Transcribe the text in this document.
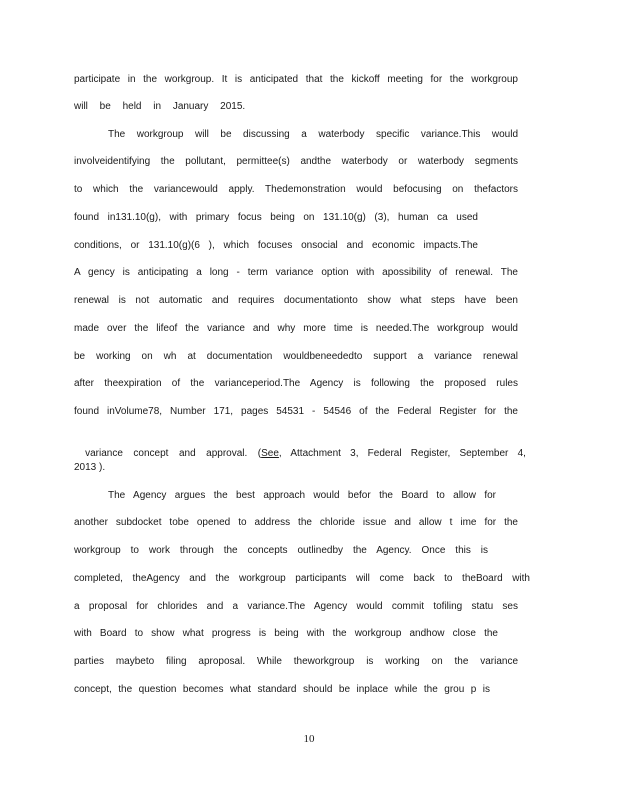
participate in the workgroup. It is anticipated that the kickoff meeting for the workgroup
will be held in January 2015.
The workgroup will be discussing a waterbody specific variance.This would
involveidentifying the pollutant, permittee(s) andthe waterbody or waterbody segments
to which the variancewould apply. Thedemonstration would befocusing on thefactors
found in131.10(g), with primary focus being on 131.10(g) (3), human ca used
conditions, or 131.10(g)(6 ), which focuses onsocial and economic impacts.The
A gency is anticipating a long - term variance option with apossibility of renewal. The
renewal is not automatic and requires documentationto show what steps have been
made over the lifeof the variance and why more time is needed.The workgroup would
be working on wh at documentation wouldbeneededto support a variance renewal
after theexpiration of the varianceperiod.The Agency is following the proposed rules
found inVolume78, Number 171, pages 54531 - 54546 of the Federal Register for the

variance concept and approval. (See, Attachment 3, Federal Register, September 4,

2013 ).
The Agency argues the best approach would befor the Board to allow for
another subdocket tobe opened to address the chloride issue and allow t ime for the
workgroup to work through the concepts outlinedby the Agency. Once this is
completed, theAgency and the workgroup participants will come back to theBoard with
a proposal for chlorides and a variance.The Agency would commit tofiling statu ses
with Board to show what progress is being with the workgroup andhow close the
parties maybeto filing aproposal. While theworkgroup is working on the variance
concept, the question becomes what standard should be inplace while the grou p is
10
